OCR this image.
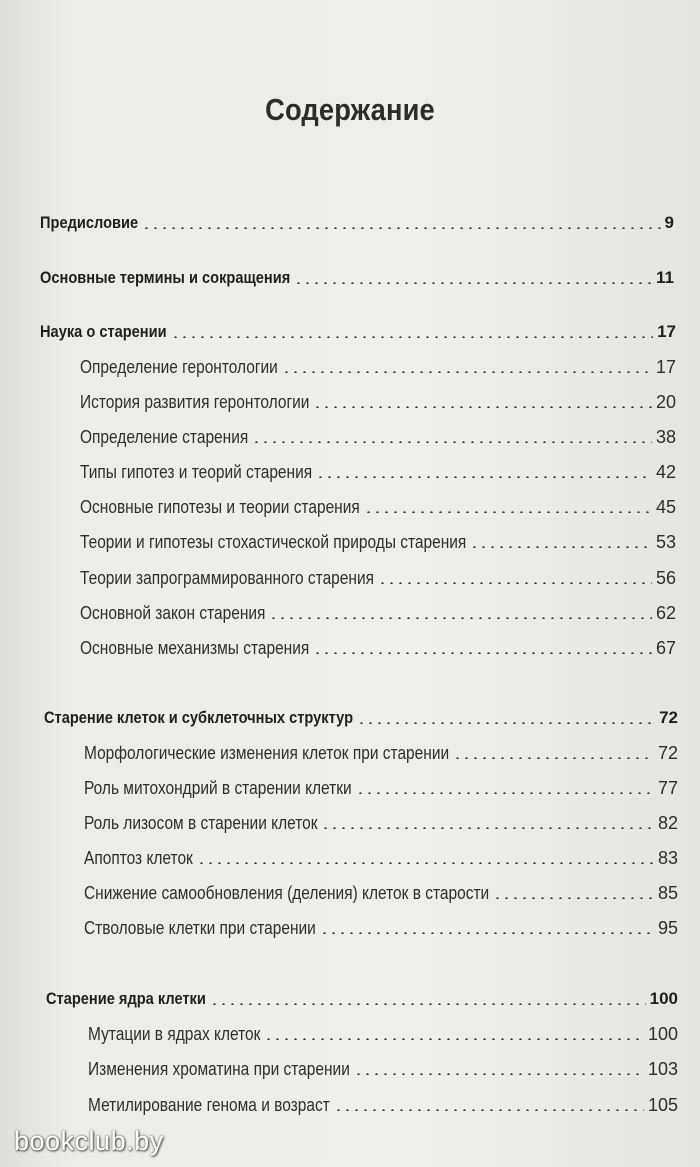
Содержание
Предисловие	9
Основные термины и сокращения	11
Наука о старении	17
Определение геронтологии	17
История развития геронтологии	20
Определение старения	38
Типы гипотез и теорий старения	42
Основные гипотезы и теории старения	45
Теории и гипотезы стохастической природы старения	53
Теории запрограммированного старения	56
Основной закон старения	62
Основные механизмы старения	67
Старение клеток и субклеточных структур	72
Морфологические изменения клеток при старении	72
Роль митохондрий в старении клетки	77
Роль лизосом в старении клеток	82
Апоптоз клеток	83
Снижение самообновления (деления) клеток в старости	85
Стволовые клетки при старении	95
Старение ядра клетки	100
Мутации в ядрах клеток	100
Изменения хроматина при старении	103
Метилирование генома и возраст	105
bookclub.by
